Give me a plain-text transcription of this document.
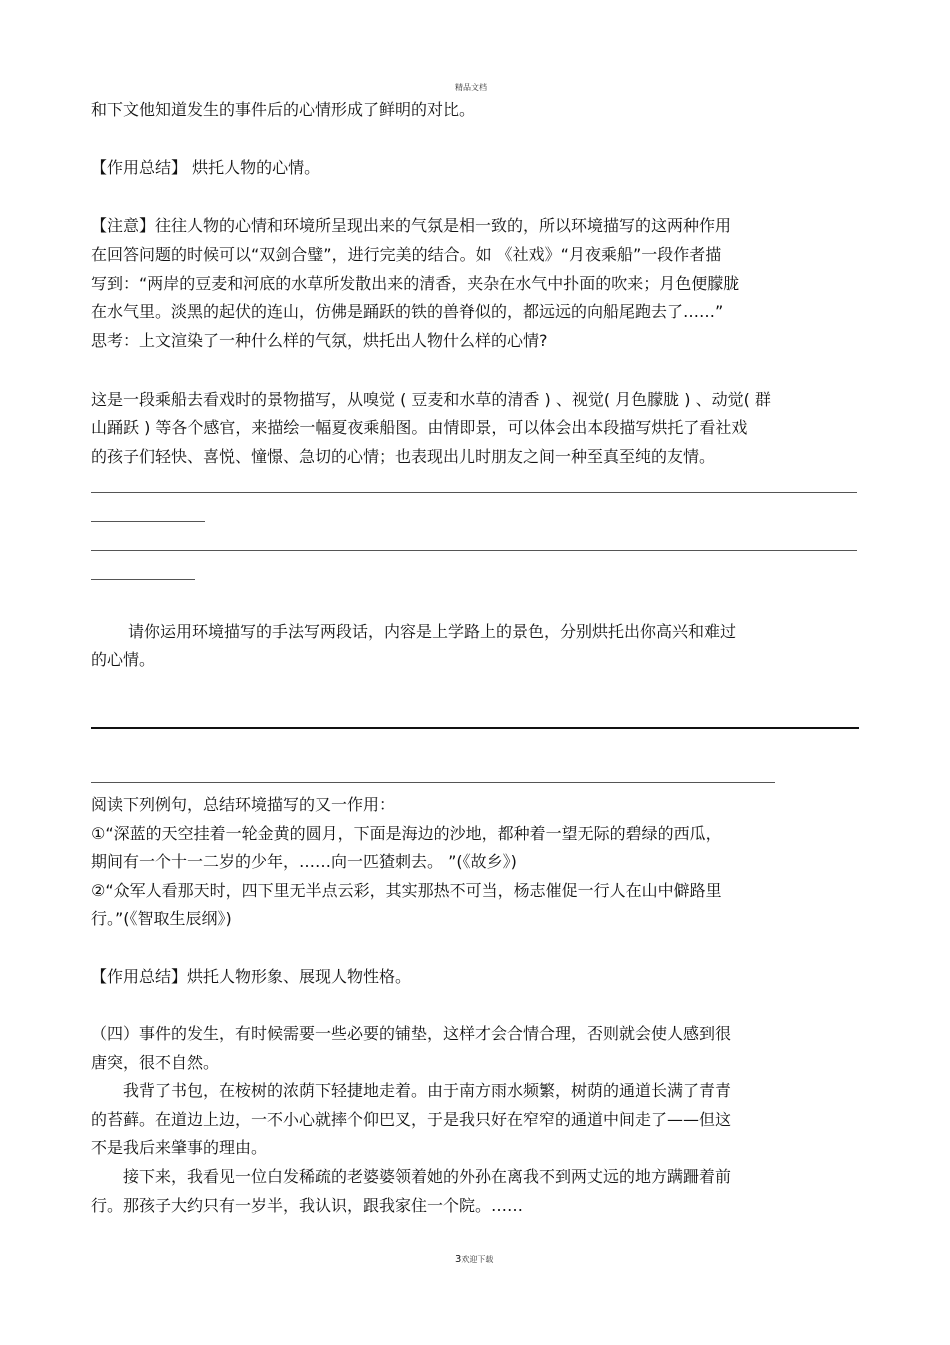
精品文档
和下文他知道发生的事件后的心情形成了鲜明的对比。
【作用总结】 烘托人物的心情。
【注意】往往人物的心情和环境所呈现出来的气氛是相一致的，所以环境描写的这两种作用
在回答问题的时候可以“双剑合璧”，进行完美的结合。如 《社戏》“月夜乘船”一段作者描
写到：“两岸的豆麦和河底的水草所发散出来的清香，夹杂在水气中扑面的吹来；月色便朦胧
在水气里。淡黑的起伏的连山，仿佛是踊跃的铁的兽脊似的，都远远的向船尾跑去了……”
思考：上文渲染了一种什么样的气氛，烘托出人物什么样的心情?
这是一段乘船去看戏时的景物描写，从嗅觉 ( 豆麦和水草的清香 ) 、视觉( 月色朦胧 ) 、动觉( 群
山踊跃 ) 等各个感官，来描绘一幅夏夜乘船图。由情即景，可以体会出本段描写烘托了看社戏
的孩子们轻快、喜悦、憧憬、急切的心情；也表现出儿时朋友之间一种至真至纯的友情。
请你运用环境描写的手法写两段话，内容是上学路上的景色，分别烘托出你高兴和难过
的心情。
阅读下列例句，总结环境描写的又一作用：
①“深蓝的天空挂着一轮金黄的圆月，下面是海边的沙地，都种着一望无际的碧绿的西瓜，
期间有一个十一二岁的少年，……向一匹猹刺去。 ”(《故乡》)
②“众军人看那天时，四下里无半点云彩，其实那热不可当，杨志催促一行人在山中僻路里
行。”(《智取生辰纲》)
【作用总结】烘托人物形象、展现人物性格。
（四）事件的发生，有时候需要一些必要的铺垫，这样才会合情合理，否则就会使人感到很
唐突，很不自然。
我背了书包，在桉树的浓荫下轻捷地走着。由于南方雨水频繁，树荫的通道长满了青青
的苔藓。在道边上边，一不小心就摔个仰巴叉，于是我只好在窄窄的通道中间走了——但这
不是我后来肇事的理由。
接下来，我看见一位白发稀疏的老婆婆领着她的外孙在离我不到两丈远的地方蹒跚着前
行。那孩子大约只有一岁半，我认识，跟我家住一个院。……
3欢迎下载
